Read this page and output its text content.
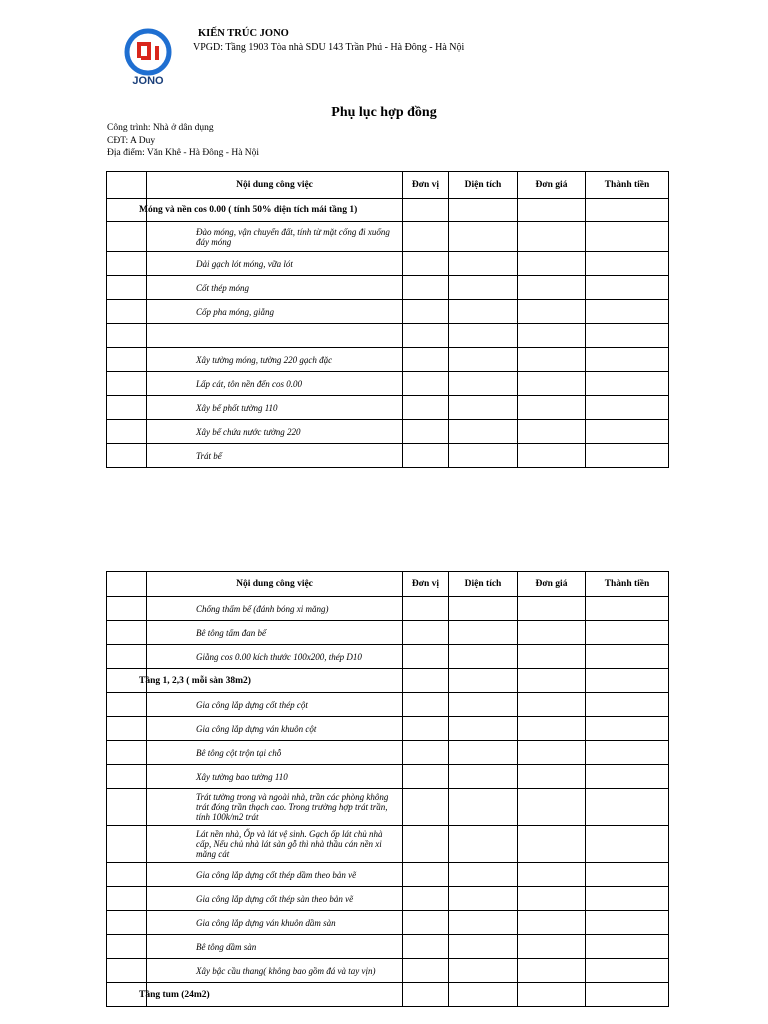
JONO
KIẾN TRÚC JONO
VPGD: Tầng 1903 Tòa nhà SDU 143 Trần Phú - Hà Đông - Hà Nội
Phụ lục hợp đồng
Công trình: Nhà ở dân dụng
CĐT: A Duy
Địa điểm: Văn Khê - Hà Đông - Hà Nội
	Nội dung công việc	Đơn vị	Diện tích	Đơn giá	Thành tiền
	Móng và nền cos 0.00 ( tính 50% diện tích mái tầng 1)				
	Đào móng, vận chuyển đất, tính từ mặt cống đi xuống đáy móng				
	Dải gạch lót móng, vữa lót				
	Cốt thép móng				
	Cốp pha móng, giằng				

	Xây tường móng, tường 220 gạch đặc				
	Lấp cát, tôn nền đến cos 0.00				
	Xây bể phốt tường 110				
	Xây bể chứa nước tường 220				
	Trát bể				
	Nội dung công việc	Đơn vị	Diện tích	Đơn giá	Thành tiền
	Chống thấm bể (đánh bóng xi măng)				
	Bê tông tấm đan bể				
	Giằng cos 0.00 kích thước 100x200, thép D10				
	Tầng 1, 2,3 ( mỗi sàn 38m2)				
	Gia công lắp dựng cốt thép cột				
	Gia công lắp dựng ván khuôn cột				
	Bê tông cột trộn tại chỗ				
	Xây tường bao tường 110				
	Trát tường trong và ngoài nhà, trần các phòng không trát đóng trần thạch cao. Trong trường hợp trát trần, tính 100k/m2 trát				
	Lát nền nhà, Ốp và lát vệ sinh. Gạch ốp lát chủ nhà cấp, Nếu chủ nhà lát sàn gỗ thì nhà thầu cán nền xi măng cát				
	Gia công lắp dựng cốt thép dầm theo bản vẽ				
	Gia công lắp dựng cốt thép sàn theo bản vẽ				
	Gia công lắp dựng ván khuôn dầm sàn				
	Bê tông dầm sàn				
	Xây bậc cầu thang( không bao gồm đá và tay vịn)				
	Tầng tum (24m2)				
